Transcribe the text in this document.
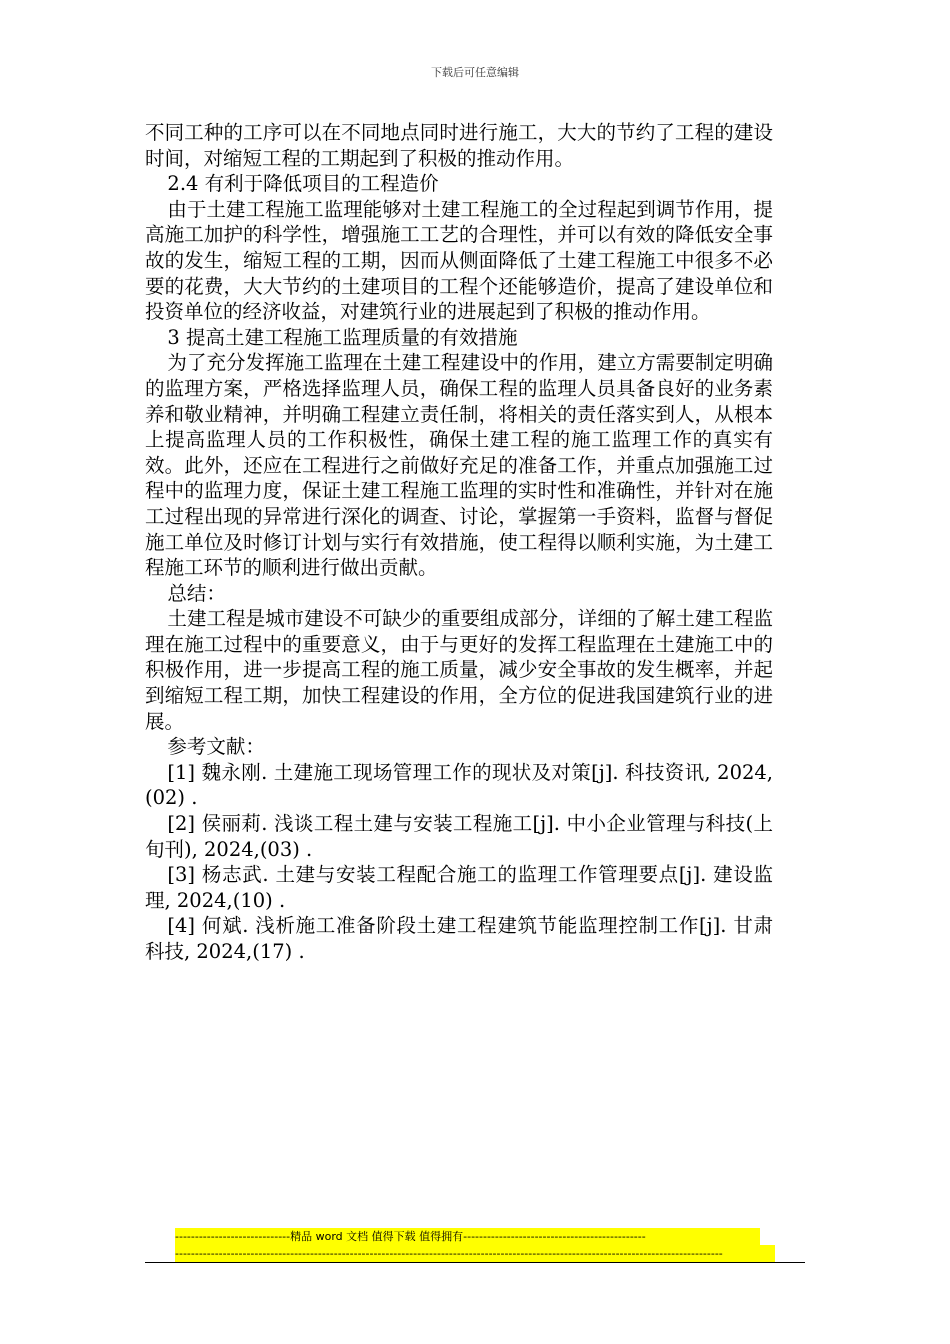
下载后可任意编辑

不同工种的工序可以在不同地点同时进行施工，大大的节约了工程的建设时间，对缩短工程的工期起到了积极的推动作用。

2.4 有利于降低项目的工程造价

由于土建工程施工监理能够对土建工程施工的全过程起到调节作用，提高施工加护的科学性，增强施工工艺的合理性，并可以有效的降低安全事故的发生，缩短工程的工期，因而从侧面降低了土建工程施工中很多不必要的花费，大大节约的土建项目的工程个还能够造价，提高了建设单位和投资单位的经济收益，对建筑行业的进展起到了积极的推动作用。

3 提高土建工程施工监理质量的有效措施

为了充分发挥施工监理在土建工程建设中的作用，建立方需要制定明确的监理方案，严格选择监理人员，确保工程的监理人员具备良好的业务素养和敬业精神，并明确工程建立责任制，将相关的责任落实到人，从根本上提高监理人员的工作积极性，确保土建工程的施工监理工作的真实有效。此外，还应在工程进行之前做好充足的准备工作，并重点加强施工过程中的监理力度，保证土建工程施工监理的实时性和准确性，并针对在施工过程出现的异常进行深化的调查、讨论，掌握第一手资料，监督与督促施工单位及时修订计划与实行有效措施，使工程得以顺利实施，为土建工程施工环节的顺利进行做出贡献。

总结：

土建工程是城市建设不可缺少的重要组成部分，详细的了解土建工程监理在施工过程中的重要意义，由于与更好的发挥工程监理在土建施工中的积极作用，进一步提高工程的施工质量，减少安全事故的发生概率，并起到缩短工程工期，加快工程建设的作用，全方位的促进我国建筑行业的进展。

参考文献：

[1] 魏永刚. 土建施工现场管理工作的现状及对策[j]. 科技资讯, 2024,(02) .

[2] 侯丽莉. 浅谈工程土建与安装工程施工[j]. 中小企业管理与科技(上旬刊), 2024,(03) .

[3] 杨志武. 土建与安装工程配合施工的监理工作管理要点[j]. 建设监理, 2024,(10) .

[4] 何斌. 浅析施工准备阶段土建工程建筑节能监理控制工作[j]. 甘肃科技, 2024,(17) .

-----------------------------精品 word 文档 值得下载 值得拥有----------------------------------------------
------------------------------------------------------------------------------------------------------------------------------------------
